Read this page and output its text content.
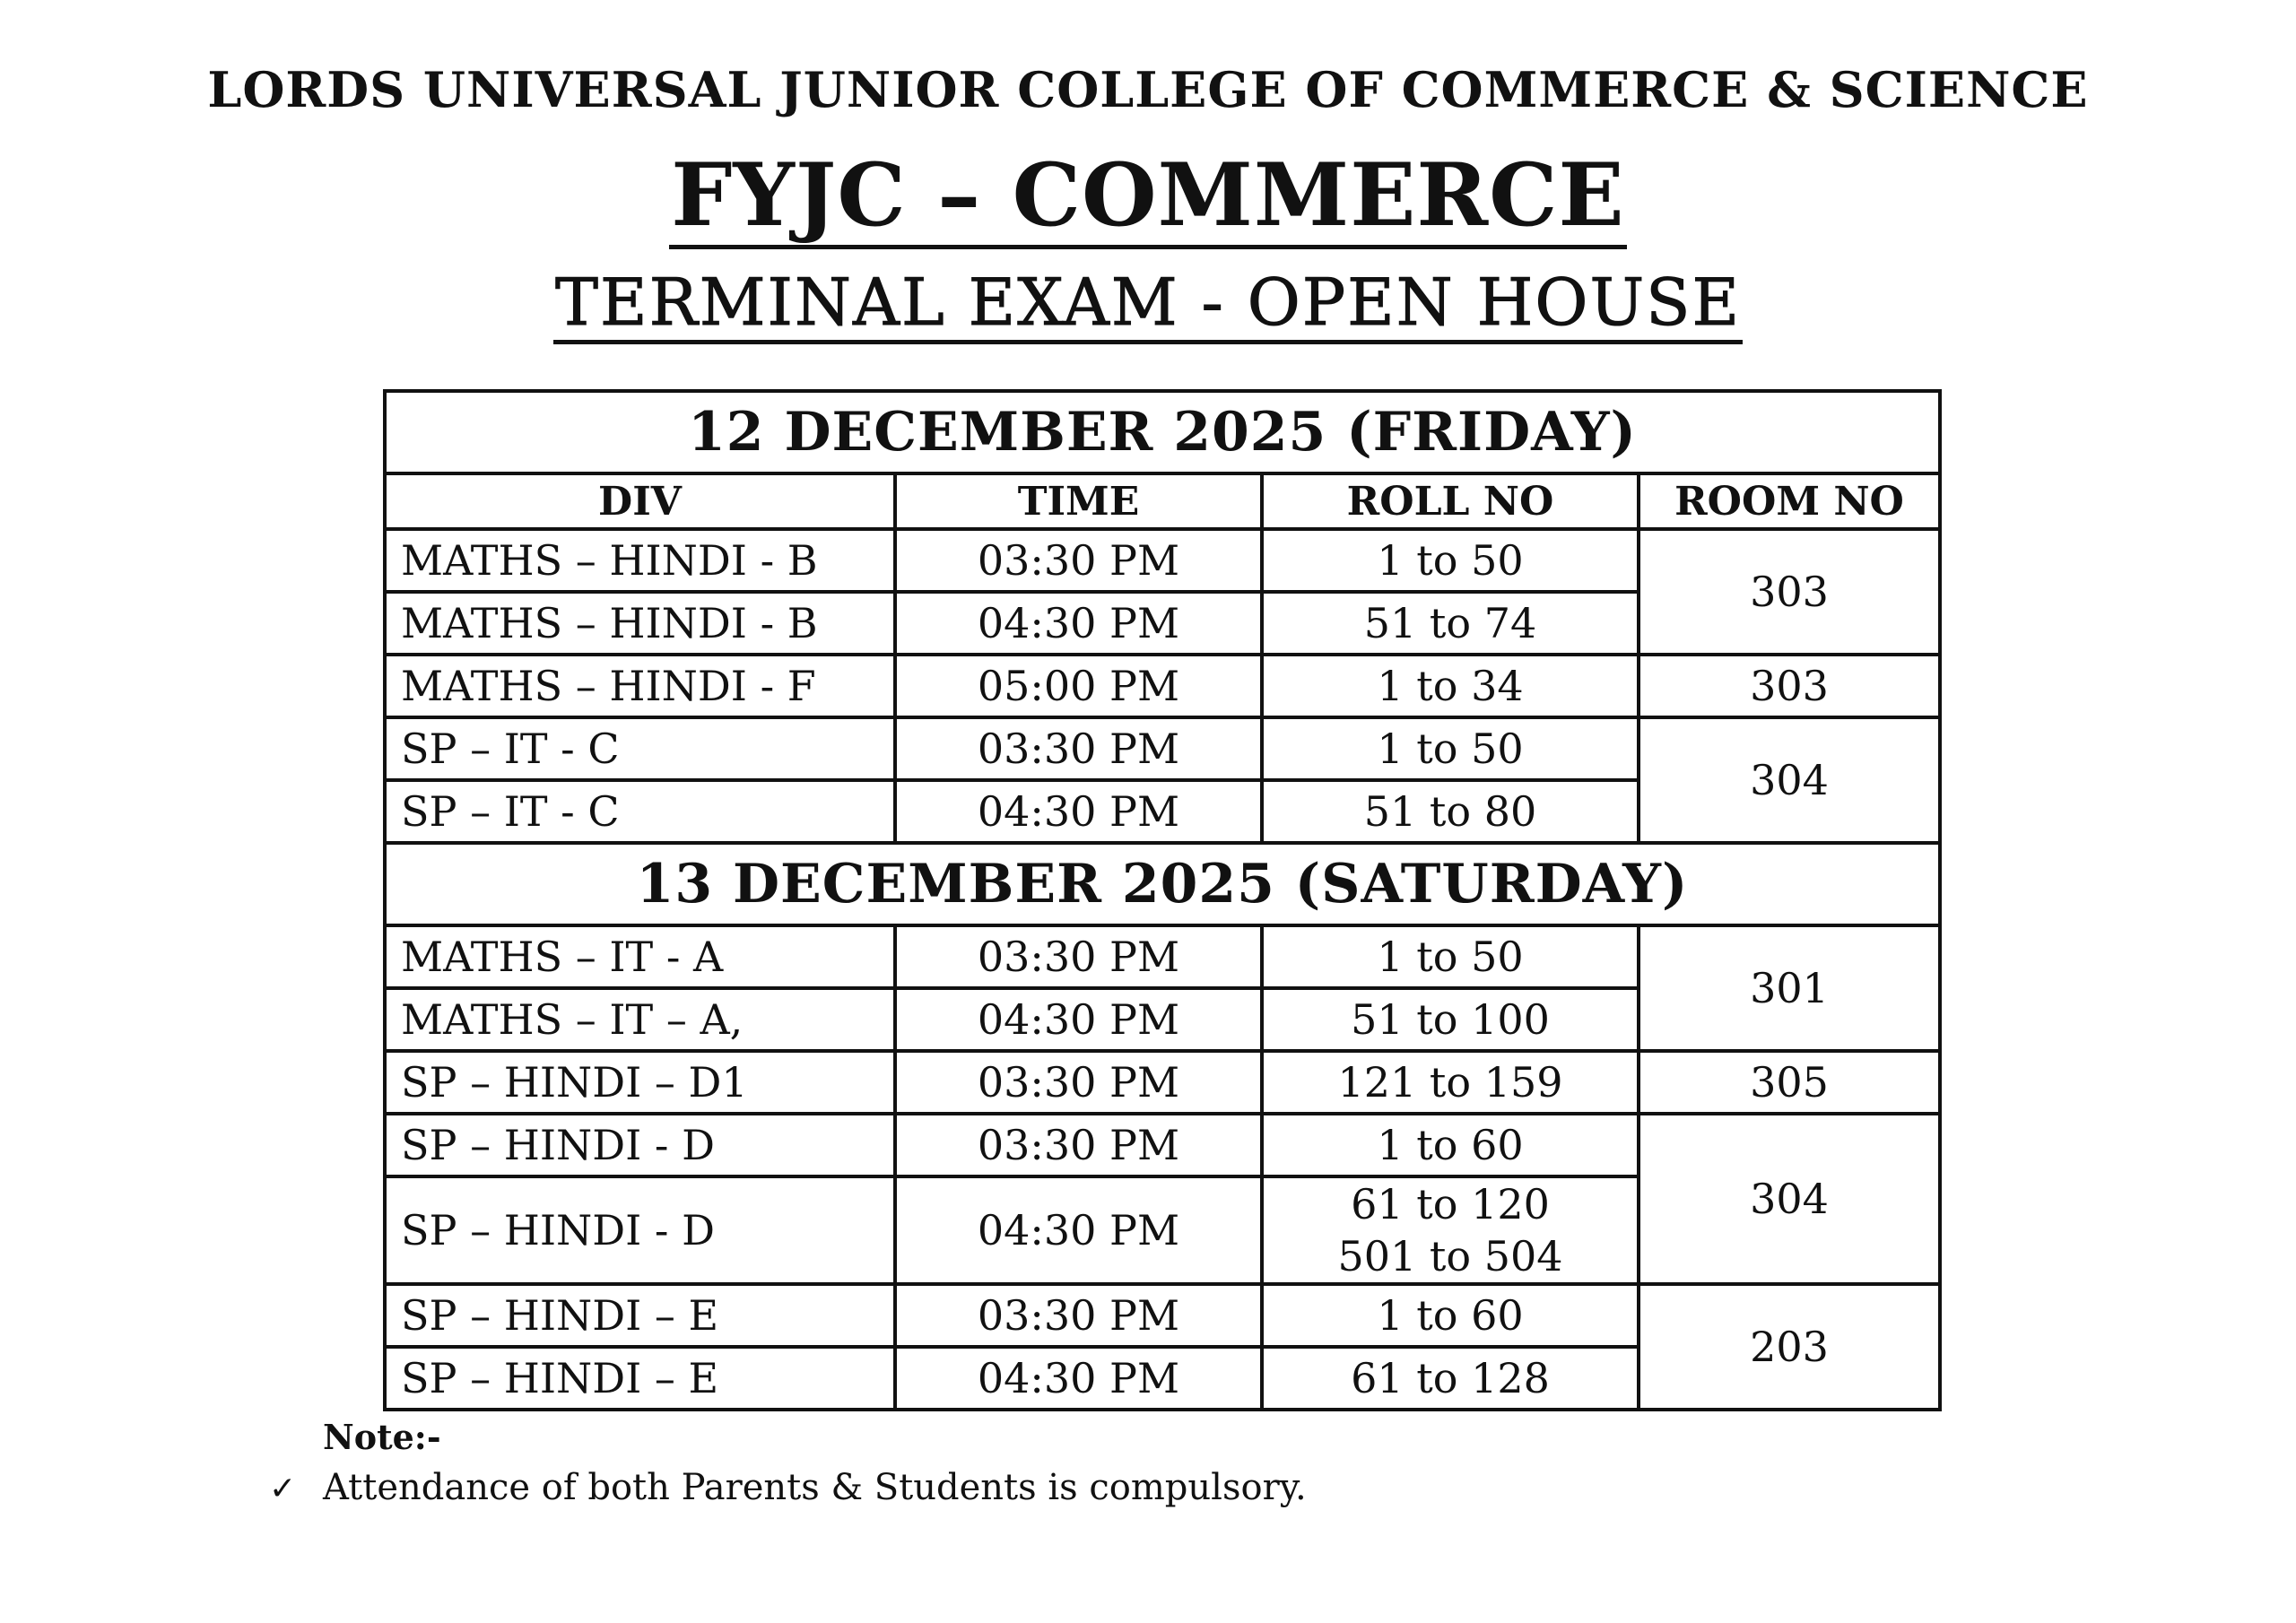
LORDS UNIVERSAL JUNIOR COLLEGE OF COMMERCE & SCIENCE
FYJC – COMMERCE
TERMINAL EXAM - OPEN HOUSE
12 DECEMBER 2025 (FRIDAY)			
DIV	TIME	ROLL NO	ROOM NO
MATHS – HINDI - B	03:30 PM	1 to 50	303
MATHS – HINDI - B	04:30 PM	51 to 74	
MATHS – HINDI - F	05:00 PM	1 to 34	303
SP – IT - C	03:30 PM	1 to 50	304
SP – IT - C	04:30 PM	51 to 80	
13 DECEMBER 2025 (SATURDAY)			
MATHS – IT - A	03:30 PM	1 to 50	301
MATHS – IT – A,	04:30 PM	51 to 100	
SP – HINDI – D1	03:30 PM	121 to 159	305
SP – HINDI - D	03:30 PM	1 to 60	304
SP – HINDI - D	04:30 PM	61 to 120
501 to 504	

SP – HINDI – E	03:30 PM	1 to 60	203
SP – HINDI – E	04:30 PM	61 to 128	
Note:-
✓ Attendance of both Parents & Students is compulsory.
